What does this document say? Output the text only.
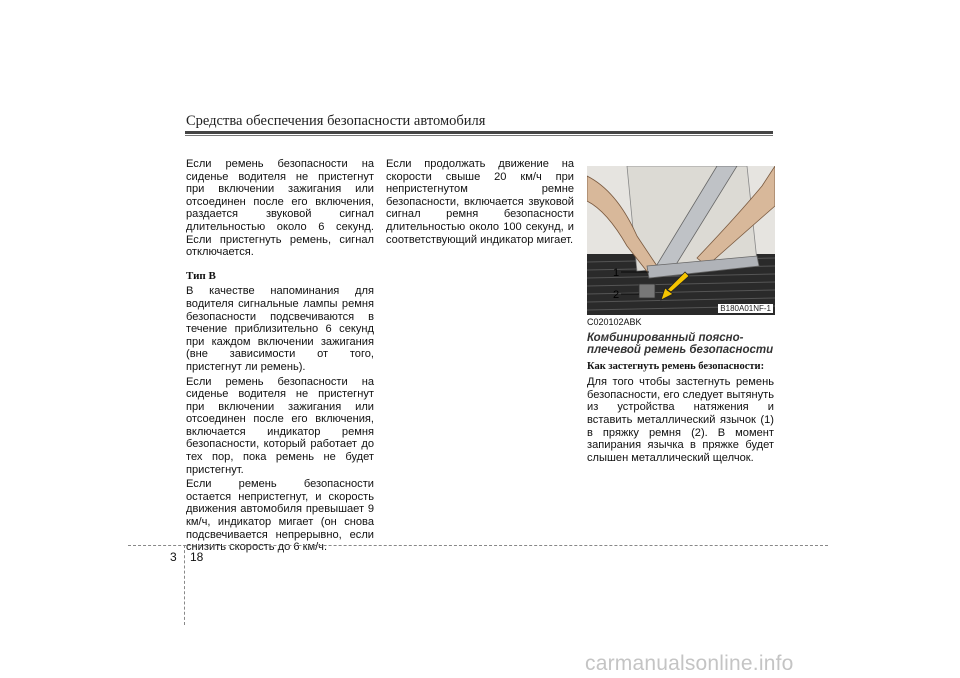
Средства обеспечения безопасности автомобиля

Если ремень безопасности на сиденье водителя не пристегнут при включении зажигания или отсоединен после его включения, раздается звуковой сигнал длительностью около 6 секунд. Если пристегнуть ремень, сигнал отключается.

Тип B

В качестве напоминания для водителя сигнальные лампы ремня безопасности подсвечиваются в течение приблизительно 6 секунд при каждом включении зажигания (вне зависимости от того, пристегнут ли ремень).

Если ремень безопасности на сиденье водителя не пристегнут при включении зажигания или отсоединен после его включения, включается индикатор ремня безопасности, который работает до тех пор, пока ремень не будет пристегнут.

Если ремень безопасности остается непристегнут, и скорость движения автомобиля превышает 9 км/ч, индикатор мигает (он снова подсвечивается непрерывно, если снизить скорость до 6 км/ч.

Если продолжать движение на скорости свыше 20 км/ч при непристегнутом ремне безопасности, включается звуковой сигнал ремня безопасности длительностью около 100 секунд, и соответствующий индикатор мигает.

1
2
B180A01NF-1
C020102ABK
Комбинированный поясно-плечевой ремень безопасности
Как застегнуть ремень безопасности:

Для того чтобы застегнуть ремень безопасности, его следует вытянуть из устройства натяжения и вставить металлический язычок (1) в пряжку ремня (2). В момент запирания язычка в пряжке будет слышен металлический щелчок.

3 18
carmanualsonline.info
